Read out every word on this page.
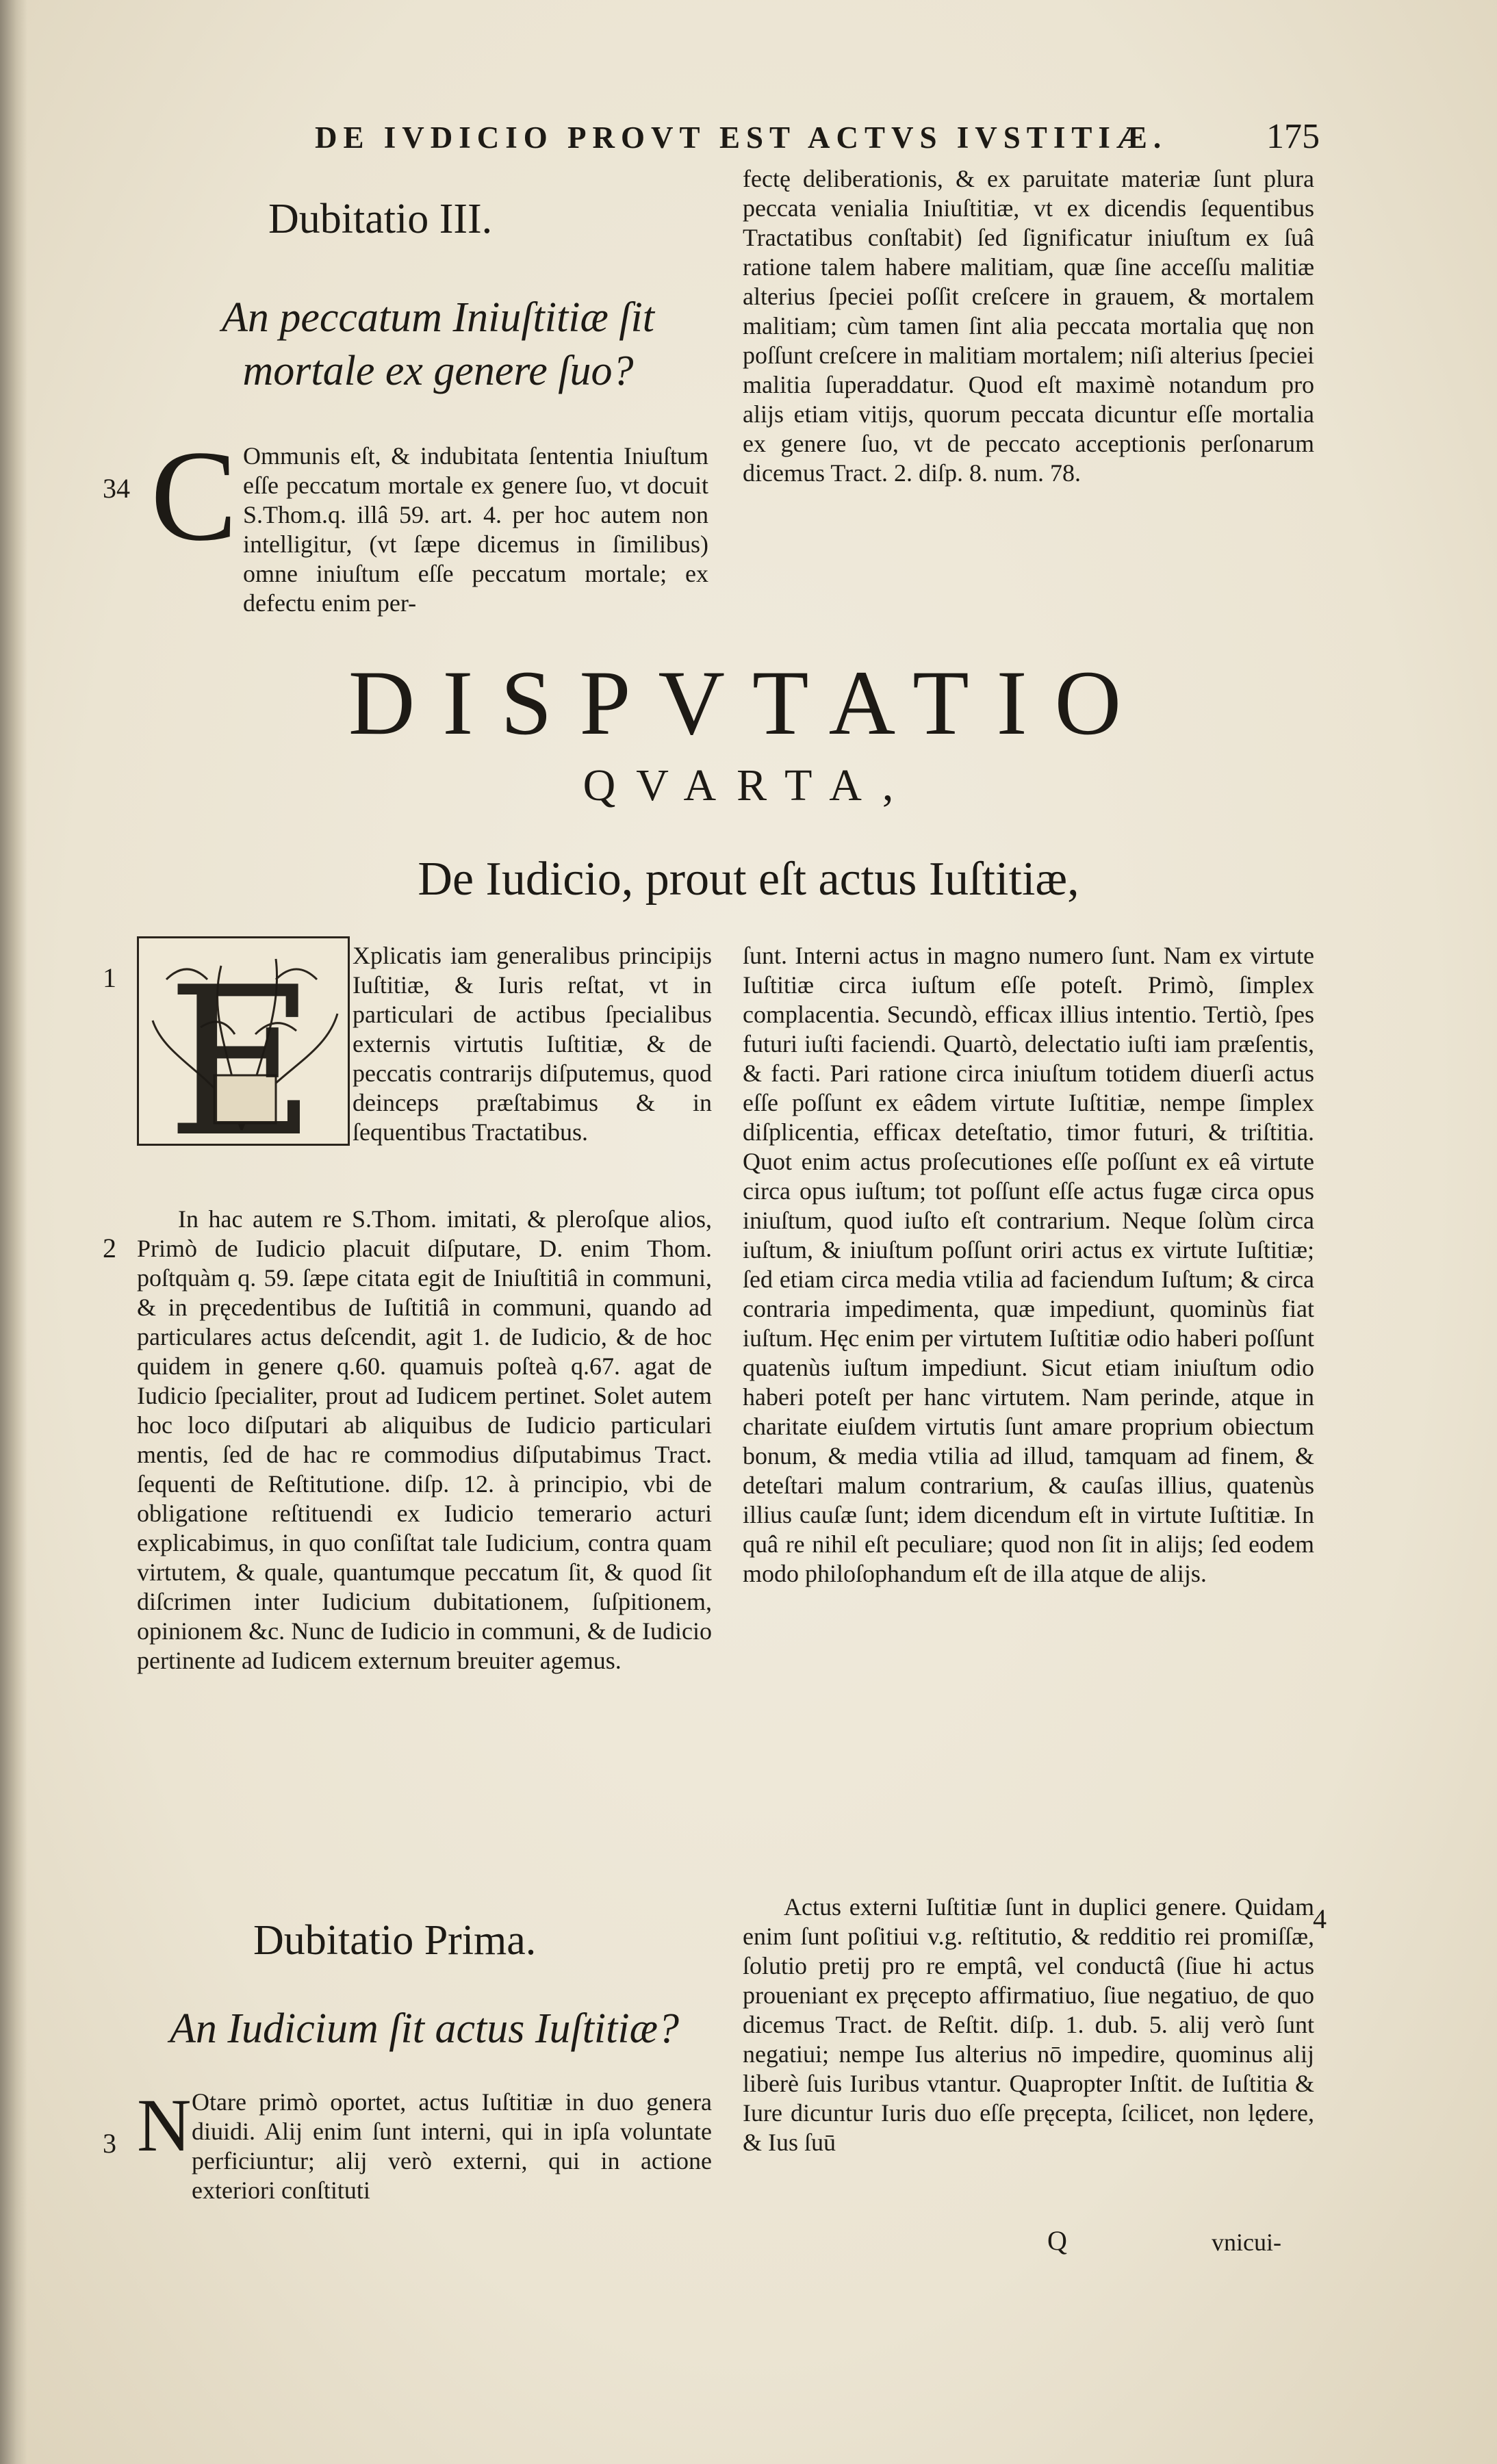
DE IVDICIO PROVT EST ACTVS IVSTITIÆ.	175
Dubitatio III.
An peccatum Iniuſtitiæ ſit mortale ex genere ſuo?
34 C Ommunis eſt, & indubitata ſententia Iniuſtum eſſe peccatum mortale ex genere ſuo, vt docuit S.Thom.q. illâ 59. art. 4. per hoc autem non intelligitur, (vt ſæpe dicemus in ſimilibus) omne iniuſtum eſſe peccatum mortale; ex defectu enim per-

fectę deliberationis, & ex paruitate materiæ ſunt plura peccata venialia Iniuſtitiæ, vt ex dicendis ſequentibus Tractatibus conſtabit) ſed ſignificatur iniuſtum ex ſuâ ratione talem habere malitiam, quæ ſine acceſſu malitiæ alterius ſpeciei poſſit creſcere in grauem, & mortalem malitiam; cùm tamen ſint alia peccata mortalia quę non poſſunt creſcere in malitiam mortalem; niſi alterius ſpeciei malitia ſuperaddatur. Quod eſt maximè notandum pro alijs etiam vitijs, quorum peccata dicuntur eſſe mortalia ex genere ſuo, vt de peccato acceptionis perſonarum dicemus Tract. 2. diſp. 8. num. 78.

DISPVTATIO
QVARTA,
De Iudicio, prout eſt actus Iuſtitiæ,
E
1

Xplicatis iam generalibus principijs Iuſtitiæ, & Iuris reſtat, vt in particulari de actibus ſpecialibus externis virtutis Iuſtitiæ, & de peccatis contrarijs diſputemus, quod deinceps præſtabimus & in ſequentibus Tractatibus.

2

In hac autem re S.Thom. imitati, & pleroſque alios, Primò de Iudicio placuit diſputare, D. enim Thom. poſtquàm q. 59. ſæpe citata egit de Iniuſtitiâ in communi, & in pręcedentibus de Iuſtitiâ in communi, quando ad particulares actus deſcendit, agit 1. de Iudicio, & de hoc quidem in genere q.60. quamuis poſteà q.67. agat de Iudicio ſpecialiter, prout ad Iudicem pertinet. Solet autem hoc loco diſputari ab aliquibus de Iudicio particulari mentis, ſed de hac re commodius diſputabimus Tract. ſequenti de Reſtitutione. diſp. 12. à principio, vbi de obligatione reſtituendi ex Iudicio temerario acturi explicabimus, in quo conſiſtat tale Iudicium, contra quam virtutem, & quale, quantumque peccatum ſit, & quod ſit diſcrimen inter Iudicium dubitationem, ſuſpitionem, opinionem &c. Nunc de Iudicio in communi, & de Iudicio pertinente ad Iudicem externum breuiter agemus.

Dubitatio Prima.
An Iudicium ſit actus Iuſtitiæ?
3 N Otare primò oportet, actus Iuſtitiæ in duo genera diuidi. Alij enim ſunt interni, qui in ipſa voluntate perficiuntur; alij verò externi, qui in actione exteriori conſtituti

ſunt. Interni actus in magno numero ſunt. Nam ex virtute Iuſtitiæ circa iuſtum eſſe poteſt. Primò, ſimplex complacentia. Secundò, efficax illius intentio. Tertiò, ſpes futuri iuſti faciendi. Quartò, delectatio iuſti iam præſentis, & facti. Pari ratione circa iniuſtum totidem diuerſi actus eſſe poſſunt ex eâdem virtute Iuſtitiæ, nempe ſimplex diſplicentia, efficax deteſtatio, timor futuri, & triſtitia. Quot enim actus proſecutiones eſſe poſſunt ex eâ virtute circa opus iuſtum; tot poſſunt eſſe actus fugæ circa opus iniuſtum, quod iuſto eſt contrarium. Neque ſolùm circa iuſtum, & iniuſtum poſſunt oriri actus ex virtute Iuſtitiæ; ſed etiam circa media vtilia ad faciendum Iuſtum; & circa contraria impedimenta, quæ impediunt, quominùs fiat iuſtum. Hęc enim per virtutem Iuſtitiæ odio haberi poſſunt quatenùs iuſtum impediunt. Sicut etiam iniuſtum odio haberi poteſt per hanc virtutem. Nam perinde, atque in charitate eiuſdem virtutis ſunt amare proprium obiectum bonum, & media vtilia ad illud, tamquam ad finem, & deteſtari malum contrarium, & cauſas illius, quatenùs illius cauſæ ſunt; idem dicendum eſt in virtute Iuſtitiæ. In quâ re nihil eſt peculiare; quod non ſit in alijs; ſed eodem modo philoſophandum eſt de illa atque de alijs.

4

Actus externi Iuſtitiæ ſunt in duplici genere. Quidam enim ſunt poſitiui v.g. reſtitutio, & redditio rei promiſſæ, ſolutio pretij pro re emptâ, vel conductâ (ſiue hi actus proueniant ex pręcepto affirmatiuo, ſiue negatiuo, de quo dicemus Tract. de Reſtit. diſp. 1. dub. 5. alij verò ſunt negatiui; nempe Ius alterius nō impedire, quominus alij liberè ſuis Iuribus vtantur. Quapropter Inſtit. de Iuſtitia & Iure dicuntur Iuris duo eſſe pręcepta, ſcilicet, non lędere, & Ius ſuū

Q	vnicui-
